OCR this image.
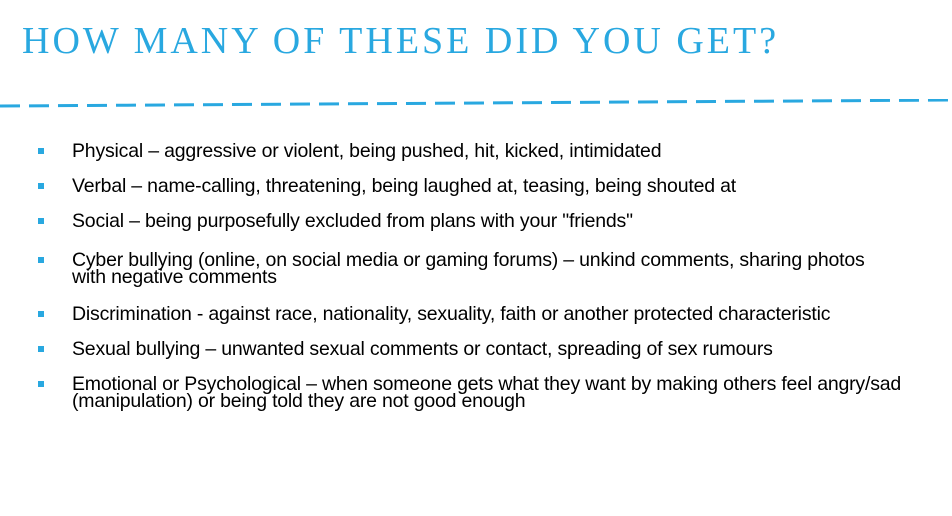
HOW MANY OF THESE DID YOU GET?
Physical – aggressive or violent, being pushed, hit, kicked, intimidated
Verbal – name-calling, threatening, being laughed at, teasing, being shouted at
Social – being purposefully excluded from plans with your "friends"
Cyber bullying (online, on social media or gaming forums) – unkind comments, sharing photos with negative comments
Discrimination - against race, nationality, sexuality, faith or another protected characteristic
Sexual bullying – unwanted sexual comments or contact, spreading of sex rumours
Emotional or Psychological – when someone gets what they want by making others feel angry/sad (manipulation) or being told they are not good enough
